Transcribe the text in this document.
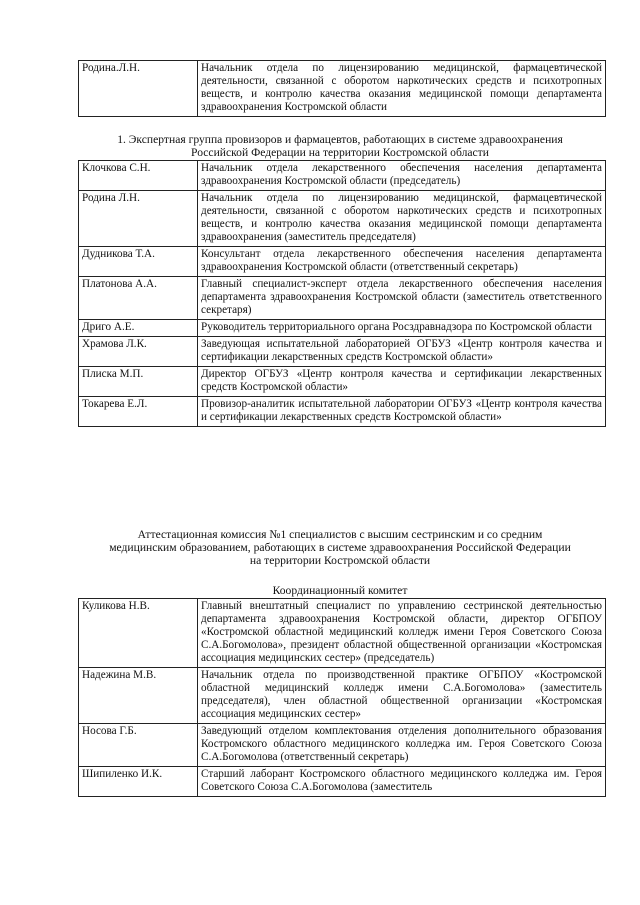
Родина.Л.Н.	Начальник отдела по лицензированию медицинской, фармацевтической деятельности, связанной с оборотом наркотических средств и психотропных веществ, и контролю качества оказания медицинской помощи департамента здравоохранения Костромской области
1. Экспертная группа провизоров и фармацевтов, работающих в системе здравоохранения
Российской Федерации на территории Костромской области
Клочкова С.Н.	Начальник отдела лекарственного обеспечения населения департамента здравоохранения Костромской области (председатель)
Родина Л.Н.	Начальник отдела по лицензированию медицинской, фармацевтической деятельности, связанной с оборотом наркотических средств и психотропных веществ, и контролю качества оказания медицинской помощи департамента здравоохранения (заместитель председателя)
Дудникова Т.А.	Консультант отдела лекарственного обеспечения населения департамента здравоохранения Костромской области (ответственный секретарь)
Платонова А.А.	Главный специалист-эксперт отдела лекарственного обеспечения населения департамента здравоохранения Костромской области (заместитель ответственного секретаря)
Дриго А.Е.	Руководитель территориального органа Росздравнадзора по Костромской области
Храмова Л.К.	Заведующая испытательной лабораторией ОГБУЗ «Центр контроля качества и сертификации лекарственных средств Костромской области»
Плиска М.П.	Директор ОГБУЗ «Центр контроля качества и сертификации лекарственных средств Костромской области»
Токарева Е.Л.	Провизор-аналитик испытательной лаборатории ОГБУЗ «Центр контроля качества и сертификации лекарственных средств Костромской области»
Аттестационная комиссия №1 специалистов с высшим сестринским и со средним
медицинским образованием, работающих в системе здравоохранения Российской Федерации
на территории Костромской области
Координационный комитет
Куликова Н.В.	Главный внештатный специалист по управлению сестринской деятельностью департамента здравоохранения Костромской области, директор ОГБПОУ «Костромской областной медицинский колледж имени Героя Советского Союза С.А.Богомолова», президент областной общественной организации «Костромская ассоциация медицинских сестер» (председатель)
Надежина М.В.	Начальник отдела по производственной практике ОГБПОУ «Костромской областной медицинский колледж имени С.А.Богомолова» (заместитель председателя), член областной общественной организации «Костромская ассоциация медицинских сестер»
Носова Г.Б.	Заведующий отделом комплектования отделения дополнительного образования Костромского областного медицинского колледжа им. Героя Советского Союза С.А.Богомолова (ответственный секретарь)
Шипиленко И.К.	Старший лаборант Костромского областного медицинского колледжа им. Героя Советского Союза С.А.Богомолова (заместитель
